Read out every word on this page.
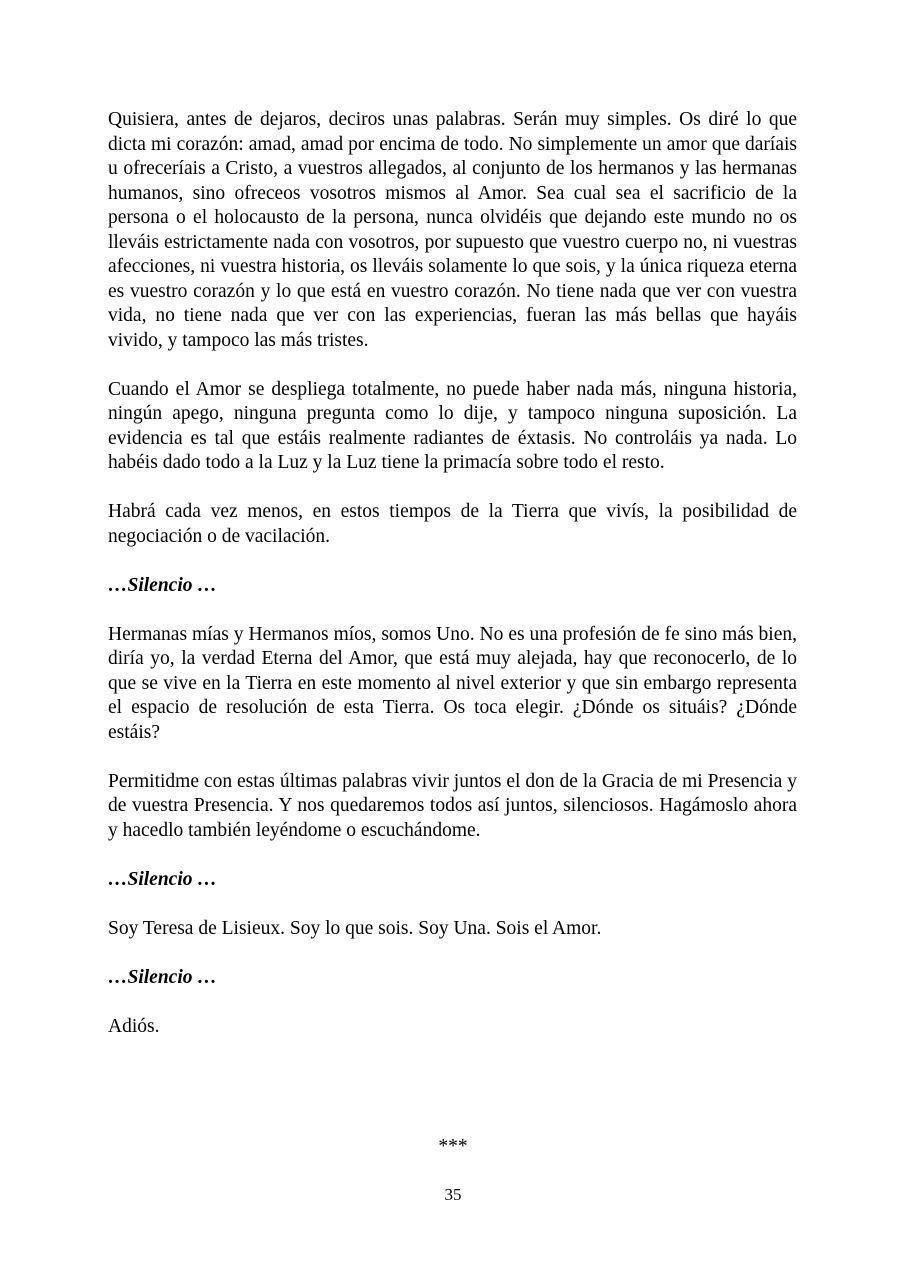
Quisiera, antes de dejaros, deciros unas palabras. Serán muy simples. Os diré lo que dicta mi corazón: amad, amad por encima de todo. No simplemente un amor que daríais u ofreceríais a Cristo, a vuestros allegados, al conjunto de los hermanos y las hermanas humanos, sino ofreceos vosotros mismos al Amor. Sea cual sea el sacrificio de la persona o el holocausto de la persona, nunca olvidéis que dejando este mundo no os lleváis estrictamente nada con vosotros, por supuesto que vuestro cuerpo no, ni vuestras afecciones, ni vuestra historia, os lleváis solamente lo que sois, y la única riqueza eterna es vuestro corazón y lo que está en vuestro corazón. No tiene nada que ver con vuestra vida, no tiene nada que ver con las experiencias, fueran las más bellas que hayáis vivido, y tampoco las más tristes.

Cuando el Amor se despliega totalmente, no puede haber nada más, ninguna historia, ningún apego, ninguna pregunta como lo dije, y tampoco ninguna suposición. La evidencia es tal que estáis realmente radiantes de éxtasis. No controláis ya nada. Lo habéis dado todo a la Luz y la Luz tiene la primacía sobre todo el resto.

Habrá cada vez menos, en estos tiempos de la Tierra que vivís, la posibilidad de negociación o de vacilación.

…Silencio …

Hermanas mías y Hermanos míos, somos Uno. No es una profesión de fe sino más bien, diría yo, la verdad Eterna del Amor, que está muy alejada, hay que reconocerlo, de lo que se vive en la Tierra en este momento al nivel exterior y que sin embargo representa el espacio de resolución de esta Tierra. Os toca elegir. ¿Dónde os situáis? ¿Dónde estáis?

Permitidme con estas últimas palabras vivir juntos el don de la Gracia de mi Presencia y de vuestra Presencia. Y nos quedaremos todos así juntos, silenciosos. Hagámoslo ahora y hacedlo también leyéndome o escuchándome.

…Silencio …

Soy Teresa de Lisieux. Soy lo que sois. Soy Una. Sois el Amor.

…Silencio …

Adiós.

***
35
